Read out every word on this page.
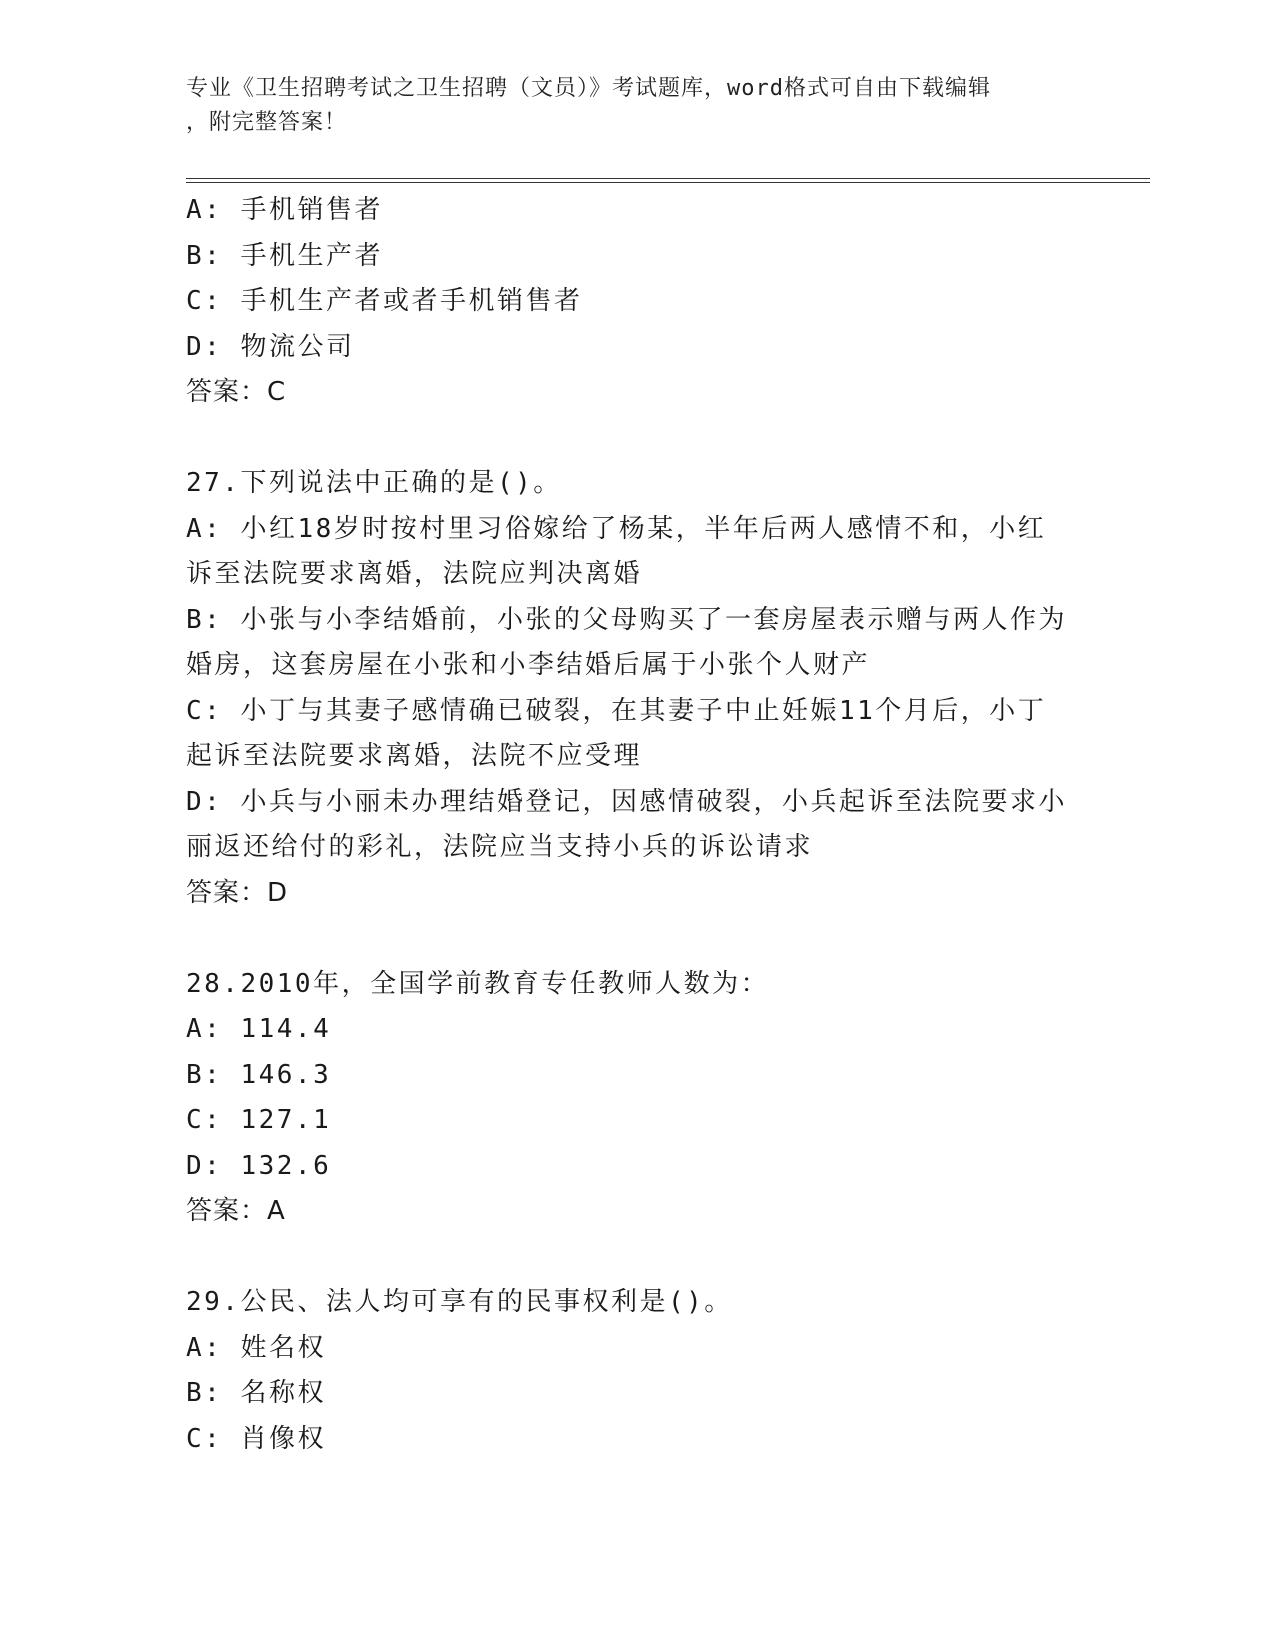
专业《卫生招聘考试之卫生招聘（文员）》考试题库，word格式可自由下载编辑
，附完整答案！
A: 手机销售者
B: 手机生产者
C: 手机生产者或者手机销售者
D: 物流公司
答案：C
27.下列说法中正确的是()。
A: 小红18岁时按村里习俗嫁给了杨某，半年后两人感情不和，小红
诉至法院要求离婚，法院应判决离婚
B: 小张与小李结婚前，小张的父母购买了一套房屋表示赠与两人作为
婚房，这套房屋在小张和小李结婚后属于小张个人财产
C: 小丁与其妻子感情确已破裂，在其妻子中止妊娠11个月后，小丁
起诉至法院要求离婚，法院不应受理
D: 小兵与小丽未办理结婚登记，因感情破裂，小兵起诉至法院要求小
丽返还给付的彩礼，法院应当支持小兵的诉讼请求
答案：D
28.2010年，全国学前教育专任教师人数为：
A: 114.4
B: 146.3
C: 127.1
D: 132.6
答案：A
29.公民、法人均可享有的民事权利是()。
A: 姓名权
B: 名称权
C: 肖像权
